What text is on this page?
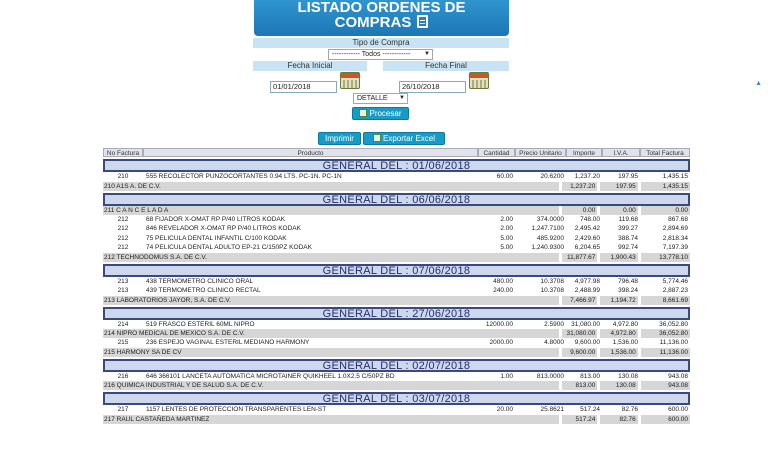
LISTADO ORDENES DE
COMPRAS
Tipo de Compra
------------ Todos ------------ ▼
Fecha Inicial	Fecha Final
01/01/2018	26/10/2018
DETALLE ▼
Procesar
Imprimir	Exportar Excel
▲
No Factura	Producto	Cantidad	Precio Unitario	Importe	I.V.A.	Total Factura
GENERAL DEL : 01/06/2018
210	555 RECOLECTOR PUNZOCORTANTES 0.94 LTS. PC-1N. PC-1N	60.00	20.6200	1,237.20	197.95	1,435.15
210 A1S A. DE C.V.	1,237.20	197.95	1,435.15
GENERAL DEL : 06/06/2018
211 C A N C E L A D A	0.00	0.00	0.00
212	68 FIJADOR X-OMAT RP P/40 LITROS KODAK	2.00	374.0000	748.00	119.68	867.68
212	846 REVELADOR X-OMAT RP P/40 LITROS KODAK	2.00	1,247.7100	2,495.42	399.27	2,894.69
212	75 PELICULA DENTAL INFANTIL C/100 KODAK	5.00	485.9200	2,429.60	388.74	2,818.34
212	74 PELICULA DENTAL ADULTO EP-21 C/150PZ KODAK	5.00	1,240.9300	6,204.65	992.74	7,197.39
212 TECHNODOMUS S.A. DE C.V.	11,877.67	1,900.43	13,778.10
GENERAL DEL : 07/06/2018
213	438 TERMOMETRO CLINICO ORAL	480.00	10.3708	4,977.98	796.48	5,774.46
213	439 TERMOMETRO CLINICO RECTAL	240.00	10.3708	2,488.99	398.24	2,887.23
213 LABORATORIOS JAYOR, S.A. DE C.V.	7,466.97	1,194.72	8,661.69
GENERAL DEL : 27/06/2018
214	519 FRASCO ESTERIL 60ML NIPRO	12000.00	2.5900	31,080.00	4,972.80	36,052.80
214 NIPRO MEDICAL DE MEXICO S.A. DE C.V.	31,080.00	4,972.80	36,052.80
215	236 ESPEJO VAGINAL ESTERIL MEDIANO HARMONY	2000.00	4.8000	9,600.00	1,536.00	11,136.00
215 HARMONY SA DE CV	9,600.00	1,536.00	11,136.00
GENERAL DEL : 02/07/2018
216	646 366101 LANCETA AUTOMATICA MICROTAINER QUIKHEEL 1.0X2.5 C/50PZ BD	1.00	813.0000	813.00	130.08	943.08
216 QUIMICA INDUSTRIAL Y DE SALUD S.A. DE C.V.	813.00	130.08	943.08
GENERAL DEL : 03/07/2018
217	1157 LENTES DE PROTECCION TRANSPARENTES LEN-ST	20.00	25.8621	517.24	82.76	600.00
217 RAUL CASTAÑEDA MARTINEZ	517.24	82.76	600.00
